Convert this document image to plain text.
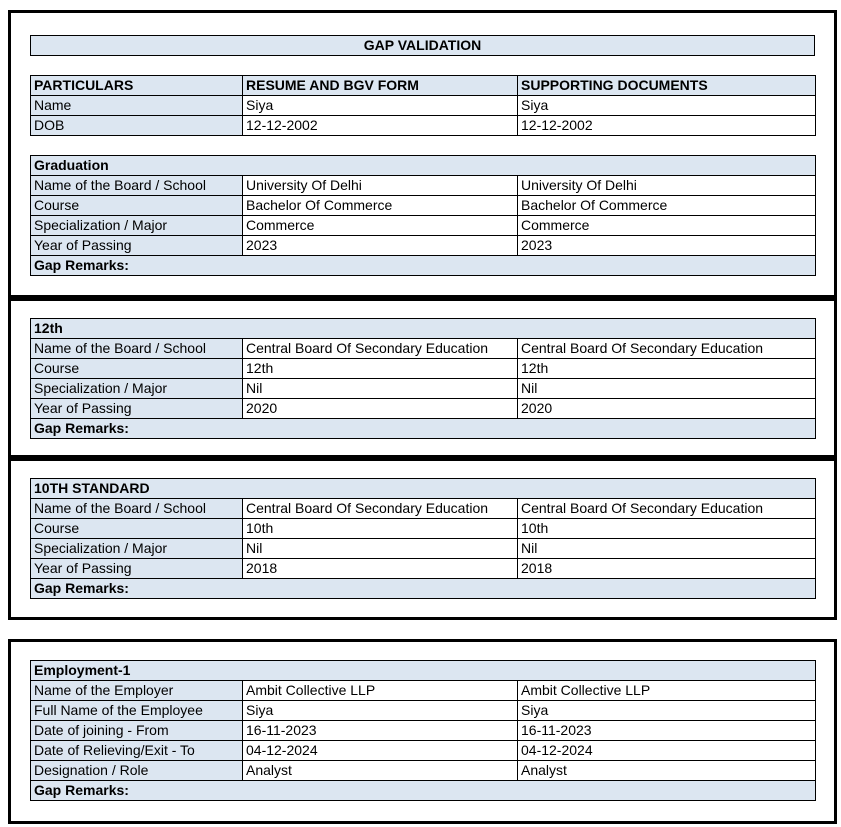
GAP VALIDATION
PARTICULARS	RESUME AND BGV FORM	SUPPORTING DOCUMENTS
Name	Siya	Siya
DOB	12-12-2002	12-12-2002
Graduation		
Name of the Board / School	University Of Delhi	University Of Delhi
Course	Bachelor Of Commerce	Bachelor Of Commerce
Specialization / Major	Commerce	Commerce
Year of Passing	2023	2023
Gap Remarks:		
12th		
Name of the Board / School	Central Board Of Secondary Education	Central Board Of Secondary Education
Course	12th	12th
Specialization / Major	Nil	Nil
Year of Passing	2020	2020
Gap Remarks:		
10TH STANDARD		
Name of the Board / School	Central Board Of Secondary Education	Central Board Of Secondary Education
Course	10th	10th
Specialization / Major	Nil	Nil
Year of Passing	2018	2018
Gap Remarks:		
Employment-1		
Name of the Employer	Ambit Collective LLP	Ambit Collective LLP
Full Name of the Employee	Siya	Siya
Date of joining - From	16-11-2023	16-11-2023
Date of Relieving/Exit - To	04-12-2024	04-12-2024
Designation / Role	Analyst	Analyst
Gap Remarks:		
